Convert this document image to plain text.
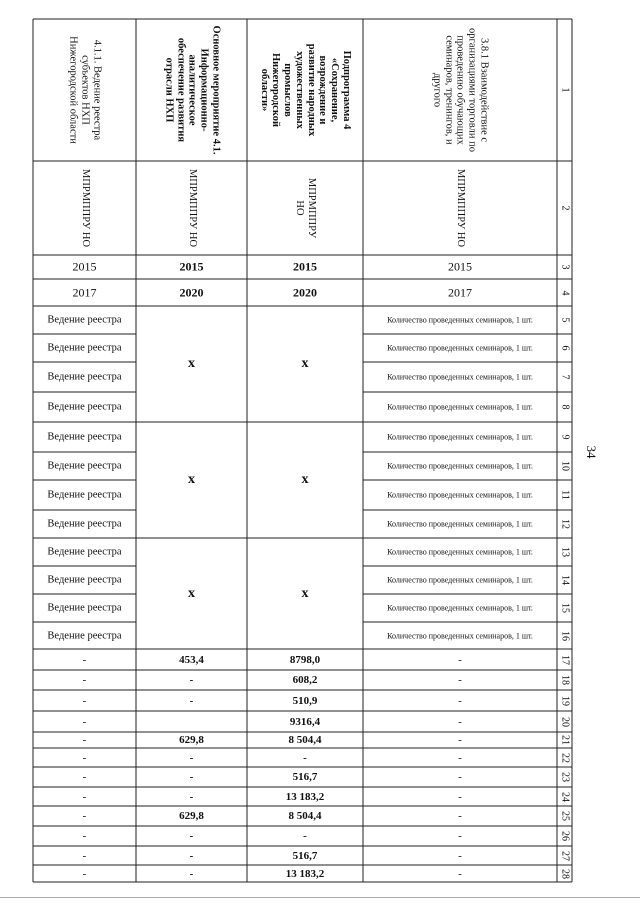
34
1
2
3
4
5
6
7
8
9
10
11
12
13
14
15
16
17
18
19
20
21
22
23
24
25
26
27
28
4.1.1. Ведение реестра
субъектов НХП
Нижегородской области
МПРМППРУ НО
2015
2017
Ведение реестра
Ведение реестра
Ведение реестра
Ведение реестра
Ведение реестра
Ведение реестра
Ведение реестра
Ведение реестра
Ведение реестра
Ведение реестра
Ведение реестра
Ведение реестра
-
-
-
-
-
-
-
-
-
-
-
-
Основное мероприятие 4.1.
Информационно-
аналитическое
обеспечение развития
отрасли НХП
МПРМППРУ НО
2015
2020
х
х
х
453,4
-
-
629,8
-
-
-
629,8
-
-
-
Подпрограмма 4
«Сохранение,
возрождение и
развитие народных
художественных
промыслов
Нижегородской
области»
МПРМППРУ
НО
2015
2020
х
х
х
8798,0
608,2
510,9
9316,4
8 504,4
-
516,7
13 183,2
8 504,4
-
516,7
13 183,2
3.8.1 Взаимодействие с
организациями торговли по
проведению обучающих
семинаров, тренингов, и
другого
МПРМППРУ НО
2015
2017
Количество проведенных семинаров, 1 шт.
Количество проведенных семинаров, 1 шт.
Количество проведенных семинаров, 1 шт.
Количество проведенных семинаров, 1 шт.
Количество проведенных семинаров, 1 шт.
Количество проведенных семинаров, 1 шт.
Количество проведенных семинаров, 1 шт.
Количество проведенных семинаров, 1 шт.
Количество проведенных семинаров, 1 шт.
Количество проведенных семинаров, 1 шт.
Количество проведенных семинаров, 1 шт.
Количество проведенных семинаров, 1 шт.
-
-
-
-
-
-
-
-
-
-
-
-
